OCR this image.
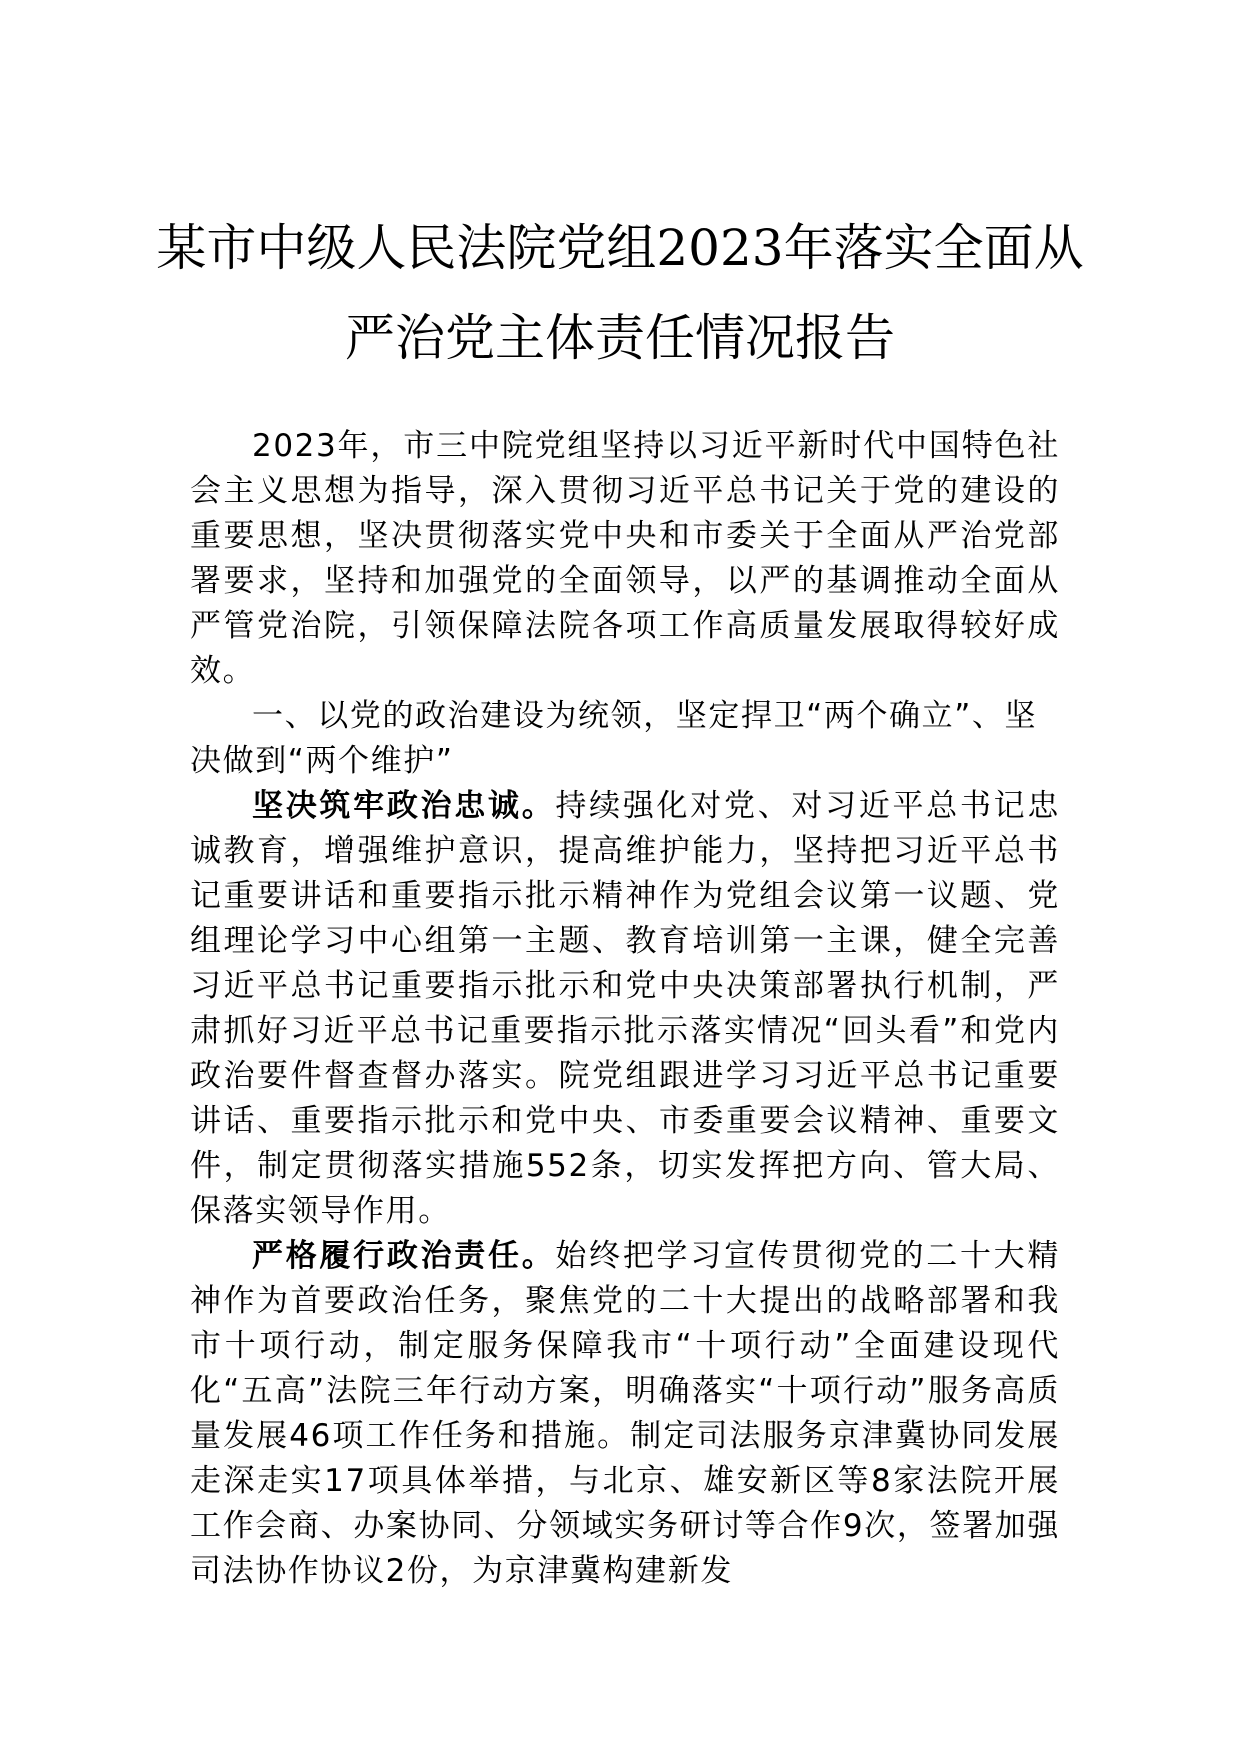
某市中级人民法院党组2023年落实全面从
严治党主体责任情况报告

2023年，市三中院党组坚持以习近平新时代中国特色社会主义思想为指导，深入贯彻习近平总书记关于党的建设的重要思想，坚决贯彻落实党中央和市委关于全面从严治党部署要求，坚持和加强党的全面领导，以严的基调推动全面从严管党治院，引领保障法院各项工作高质量发展取得较好成效。

一、以党的政治建设为统领，坚定捍卫“两个确立”、坚决做到“两个维护”

坚决筑牢政治忠诚。持续强化对党、对习近平总书记忠诚教育，增强维护意识，提高维护能力，坚持把习近平总书记重要讲话和重要指示批示精神作为党组会议第一议题、党组理论学习中心组第一主题、教育培训第一主课，健全完善习近平总书记重要指示批示和党中央决策部署执行机制，严肃抓好习近平总书记重要指示批示落实情况“回头看”和党内政治要件督查督办落实。院党组跟进学习习近平总书记重要讲话、重要指示批示和党中央、市委重要会议精神、重要文件，制定贯彻落实措施552条，切实发挥把方向、管大局、保落实领导作用。

严格履行政治责任。始终把学习宣传贯彻党的二十大精神作为首要政治任务，聚焦党的二十大提出的战略部署和我市十项行动，制定服务保障我市“十项行动”全面建设现代化“五高”法院三年行动方案，明确落实“十项行动”服务高质量发展46项工作任务和措施。制定司法服务京津冀协同发展走深走实17项具体举措，与北京、雄安新区等8家法院开展工作会商、办案协同、分领域实务研讨等合作9次，签署加强司法协作协议2份，为京津冀构建新发
